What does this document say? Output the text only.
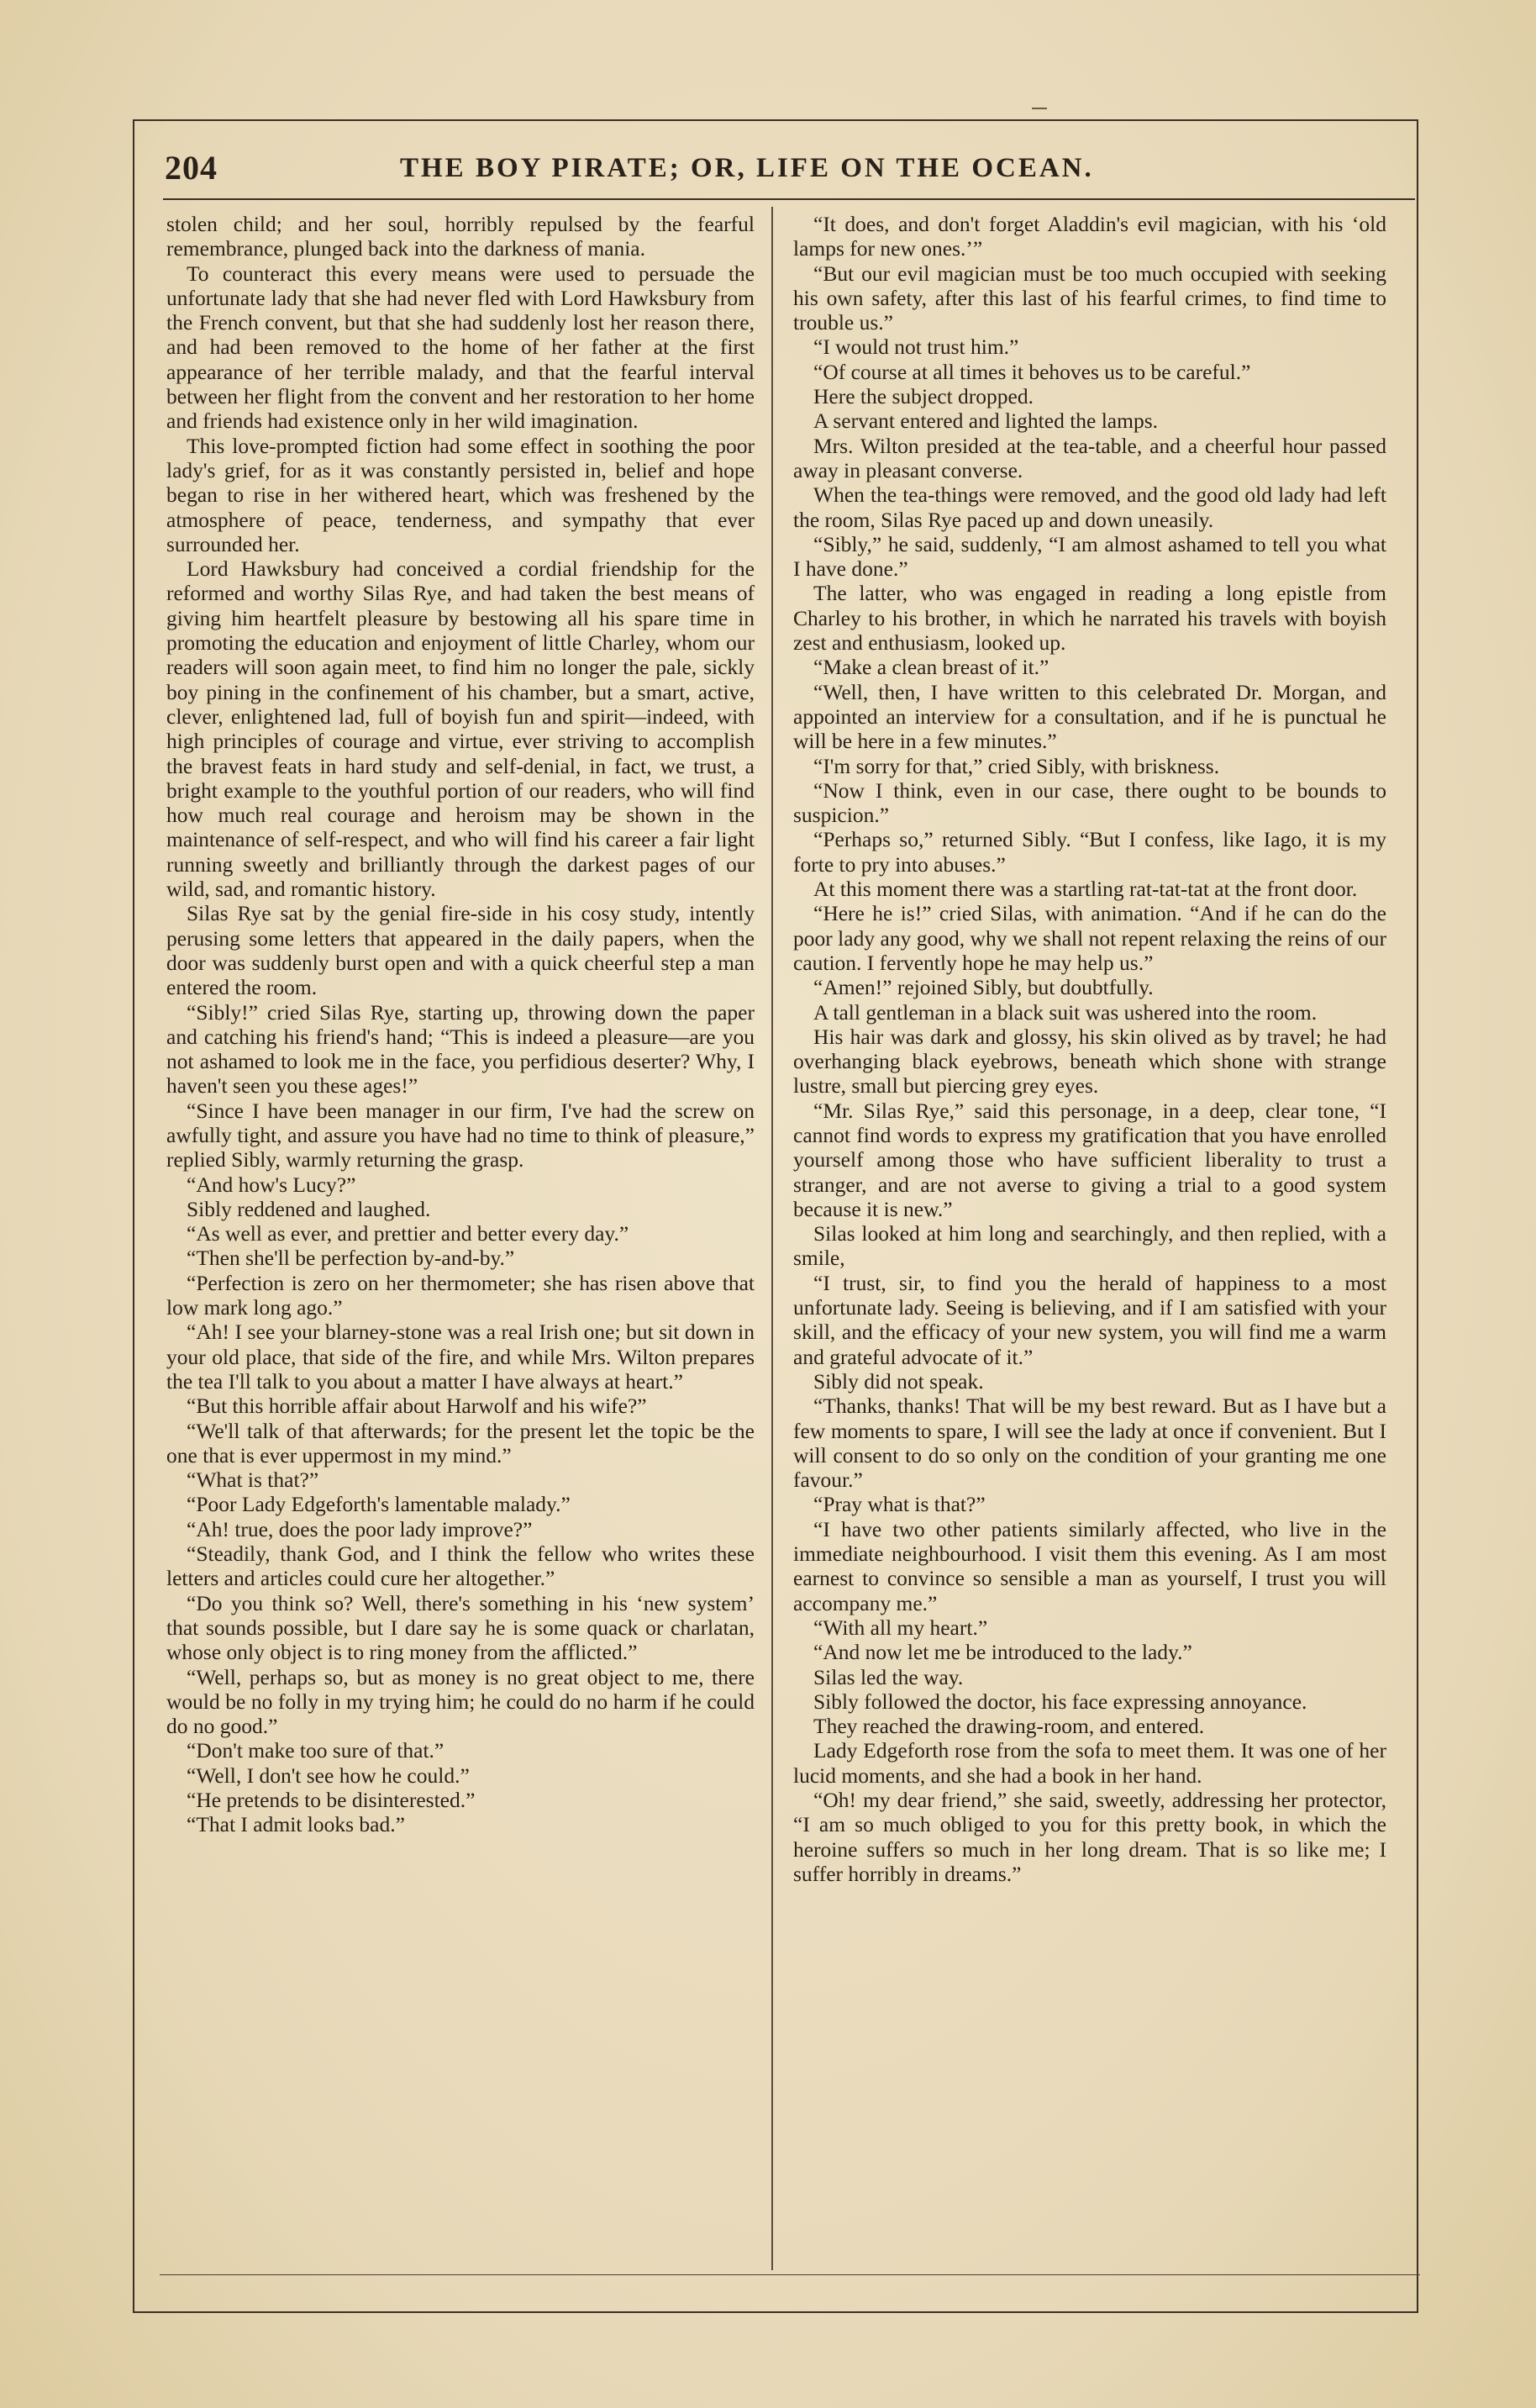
204	THE BOY PIRATE; OR, LIFE ON THE OCEAN.

stolen child; and her soul, horribly repulsed by the fearful remembrance, plunged back into the darkness of mania.

To counteract this every means were used to persuade the unfortunate lady that she had never fled with Lord Hawksbury from the French convent, but that she had suddenly lost her reason there, and had been removed to the home of her father at the first appearance of her terrible malady, and that the fearful interval between her flight from the convent and her restoration to her home and friends had existence only in her wild imagination.

This love-prompted fiction had some effect in soothing the poor lady's grief, for as it was constantly persisted in, belief and hope began to rise in her withered heart, which was freshened by the atmosphere of peace, tenderness, and sympathy that ever surrounded her.

Lord Hawksbury had conceived a cordial friendship for the reformed and worthy Silas Rye, and had taken the best means of giving him heartfelt pleasure by bestowing all his spare time in promoting the education and enjoyment of little Charley, whom our readers will soon again meet, to find him no longer the pale, sickly boy pining in the confinement of his chamber, but a smart, active, clever, enlightened lad, full of boyish fun and spirit—indeed, with high principles of courage and virtue, ever striving to accomplish the bravest feats in hard study and self-denial, in fact, we trust, a bright example to the youthful portion of our readers, who will find how much real courage and heroism may be shown in the maintenance of self-respect, and who will find his career a fair light running sweetly and brilliantly through the darkest pages of our wild, sad, and romantic history.

Silas Rye sat by the genial fire-side in his cosy study, intently perusing some letters that appeared in the daily papers, when the door was suddenly burst open and with a quick cheerful step a man entered the room.

“Sibly!” cried Silas Rye, starting up, throwing down the paper and catching his friend's hand; “This is indeed a pleasure—are you not ashamed to look me in the face, you perfidious deserter? Why, I haven't seen you these ages!”

“Since I have been manager in our firm, I've had the screw on awfully tight, and assure you have had no time to think of pleasure,” replied Sibly, warmly returning the grasp.

“And how's Lucy?”

Sibly reddened and laughed.

“As well as ever, and prettier and better every day.”

“Then she'll be perfection by-and-by.”

“Perfection is zero on her thermometer; she has risen above that low mark long ago.”

“Ah! I see your blarney-stone was a real Irish one; but sit down in your old place, that side of the fire, and while Mrs. Wilton prepares the tea I'll talk to you about a matter I have always at heart.”

“But this horrible affair about Harwolf and his wife?”

“We'll talk of that afterwards; for the present let the topic be the one that is ever uppermost in my mind.”

“What is that?”

“Poor Lady Edgeforth's lamentable malady.”

“Ah! true, does the poor lady improve?”

“Steadily, thank God, and I think the fellow who writes these letters and articles could cure her altogether.”

“Do you think so? Well, there's something in his ‘new system’ that sounds possible, but I dare say he is some quack or charlatan, whose only object is to ring money from the afflicted.”

“Well, perhaps so, but as money is no great object to me, there would be no folly in my trying him; he could do no harm if he could do no good.”

“Don't make too sure of that.”

“Well, I don't see how he could.”

“He pretends to be disinterested.”

“That I admit looks bad.”

“It does, and don't forget Aladdin's evil magician, with his ‘old lamps for new ones.’”

“But our evil magician must be too much occupied with seeking his own safety, after this last of his fearful crimes, to find time to trouble us.”

“I would not trust him.”

“Of course at all times it behoves us to be careful.”

Here the subject dropped.

A servant entered and lighted the lamps.

Mrs. Wilton presided at the tea-table, and a cheerful hour passed away in pleasant converse.

When the tea-things were removed, and the good old lady had left the room, Silas Rye paced up and down uneasily.

“Sibly,” he said, suddenly, “I am almost ashamed to tell you what I have done.”

The latter, who was engaged in reading a long epistle from Charley to his brother, in which he narrated his travels with boyish zest and enthusiasm, looked up.

“Make a clean breast of it.”

“Well, then, I have written to this celebrated Dr. Morgan, and appointed an interview for a consultation, and if he is punctual he will be here in a few minutes.”

“I'm sorry for that,” cried Sibly, with briskness.

“Now I think, even in our case, there ought to be bounds to suspicion.”

“Perhaps so,” returned Sibly. “But I confess, like Iago, it is my forte to pry into abuses.”

At this moment there was a startling rat-tat-tat at the front door.

“Here he is!” cried Silas, with animation. “And if he can do the poor lady any good, why we shall not repent relaxing the reins of our caution. I fervently hope he may help us.”

“Amen!” rejoined Sibly, but doubtfully.

A tall gentleman in a black suit was ushered into the room.

His hair was dark and glossy, his skin olived as by travel; he had overhanging black eyebrows, beneath which shone with strange lustre, small but piercing grey eyes.

“Mr. Silas Rye,” said this personage, in a deep, clear tone, “I cannot find words to express my gratification that you have enrolled yourself among those who have sufficient liberality to trust a stranger, and are not averse to giving a trial to a good system because it is new.”

Silas looked at him long and searchingly, and then replied, with a smile,

“I trust, sir, to find you the herald of happiness to a most unfortunate lady. Seeing is believing, and if I am satisfied with your skill, and the efficacy of your new system, you will find me a warm and grateful advocate of it.”

Sibly did not speak.

“Thanks, thanks! That will be my best reward. But as I have but a few moments to spare, I will see the lady at once if convenient. But I will consent to do so only on the condition of your granting me one favour.”

“Pray what is that?”

“I have two other patients similarly affected, who live in the immediate neighbourhood. I visit them this evening. As I am most earnest to convince so sensible a man as yourself, I trust you will accompany me.”

“With all my heart.”

“And now let me be introduced to the lady.”

Silas led the way.

Sibly followed the doctor, his face expressing annoyance.

They reached the drawing-room, and entered.

Lady Edgeforth rose from the sofa to meet them. It was one of her lucid moments, and she had a book in her hand.

“Oh! my dear friend,” she said, sweetly, addressing her protector, “I am so much obliged to you for this pretty book, in which the heroine suffers so much in her long dream. That is so like me; I suffer horribly in dreams.”
